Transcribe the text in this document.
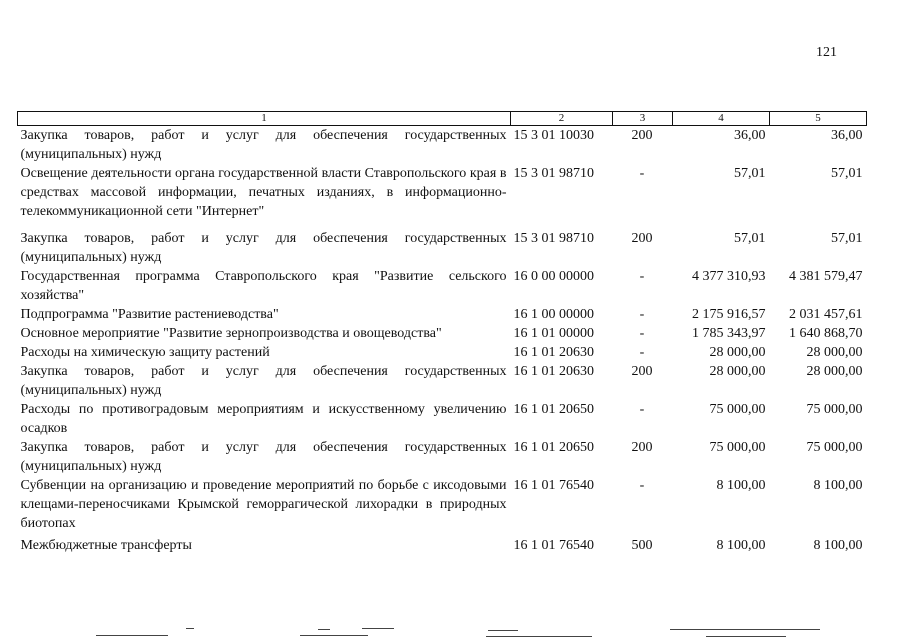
121
1	2	3	4	5
Закупка товаров, работ и услуг для обеспечения государственных (муниципальных) нужд	15 3 01 10030	200	36,00	36,00
Освещение деятельности органа государственной власти Ставропольского края в средствах массовой информации, печатных изданиях, в информационно-телекоммуникационной сети "Интернет"	15 3 01 98710	-	57,01	57,01
Закупка товаров, работ и услуг для обеспечения государственных (муниципальных) нужд	15 3 01 98710	200	57,01	57,01
Государственная программа Ставропольского края "Развитие сельского хозяйства"	16 0 00 00000	-	4 377 310,93	4 381 579,47
Подпрограмма "Развитие растениеводства"	16 1 00 00000	-	2 175 916,57	2 031 457,61
Основное мероприятие "Развитие зернопроизводства и овощеводства"	16 1 01 00000	-	1 785 343,97	1 640 868,70
Расходы на химическую защиту растений	16 1 01 20630	-	28 000,00	28 000,00
Закупка товаров, работ и услуг для обеспечения государственных (муниципальных) нужд	16 1 01 20630	200	28 000,00	28 000,00
Расходы по противоградовым мероприятиям и искусственному увеличению осадков	16 1 01 20650	-	75 000,00	75 000,00
Закупка товаров, работ и услуг для обеспечения государственных (муниципальных) нужд	16 1 01 20650	200	75 000,00	75 000,00
Субвенции на организацию и проведение мероприятий по борьбе с иксодовыми клещами-переносчиками Крымской геморрагической лихорадки в природных биотопах	16 1 01 76540	-	8 100,00	8 100,00
Межбюджетные трансферты	16 1 01 76540	500	8 100,00	8 100,00
